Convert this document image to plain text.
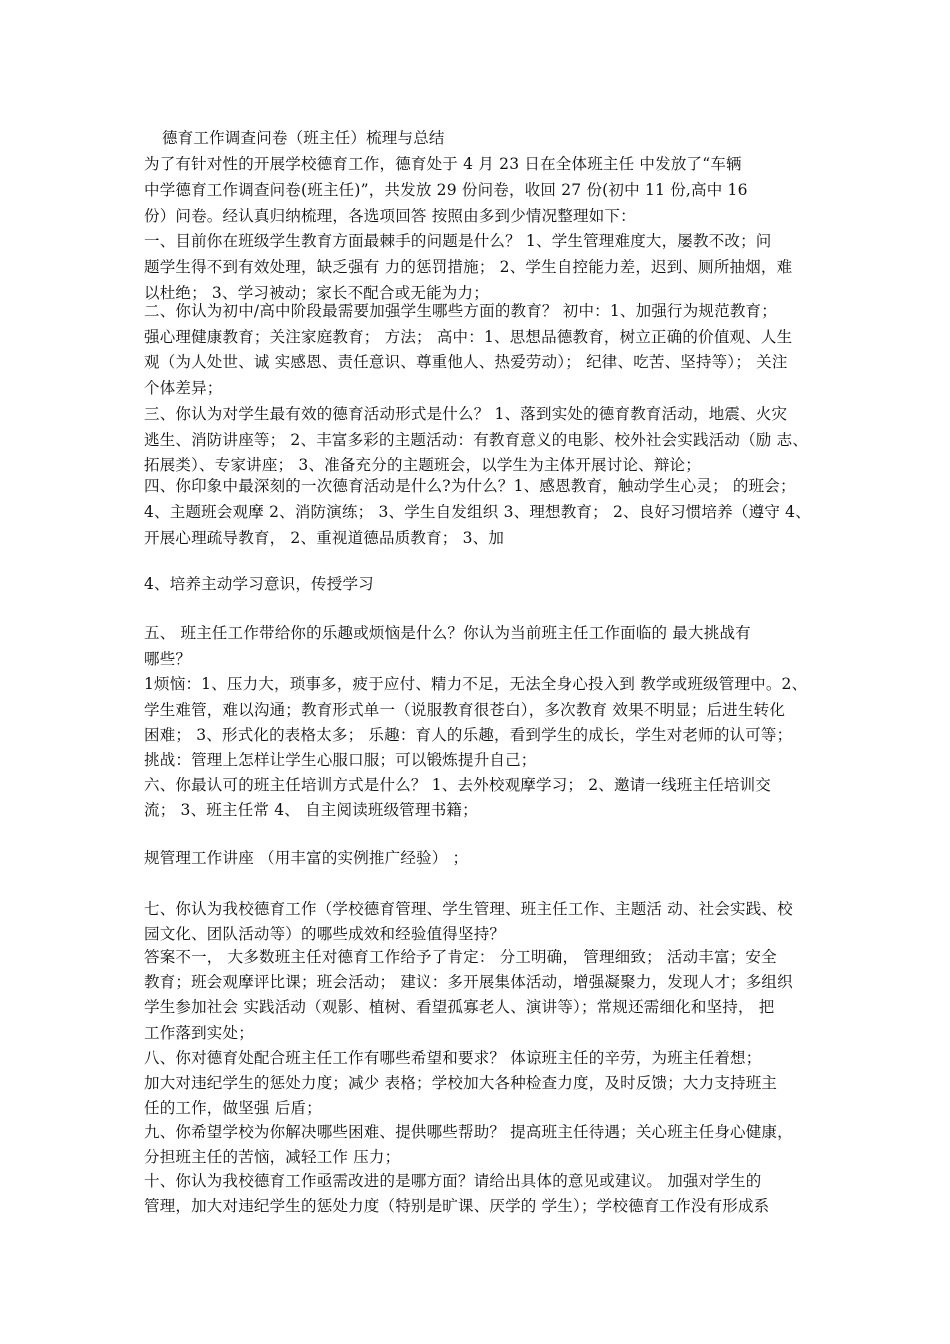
德育工作调查问卷（班主任）梳理与总结
为了有针对性的开展学校德育工作，德育处于 4 月 23 日在全体班主任 中发放了“车辆
中学德育工作调查问卷(班主任)”，共发放 29 份问卷，收回 27 份(初中 11 份,高中 16
份）问卷。经认真归纳梳理，各选项回答 按照由多到少情况整理如下：
一、目前你在班级学生教育方面最棘手的问题是什么？ 1、学生管理难度大，屡教不改；问
题学生得不到有效处理，缺乏强有 力的惩罚措施； 2、学生自控能力差，迟到、厕所抽烟，难
以杜绝； 3、学习被动；家长不配合或无能为力；
二、你认为初中/高中阶段最需要加强学生哪些方面的教育？ 初中：1、加强行为规范教育；
强心理健康教育；关注家庭教育； 方法； 高中：1、思想品德教育，树立正确的价值观、人生
观（为人处世、诚 实感恩、责任意识、尊重他人、热爱劳动）； 纪律、吃苦、坚持等）； 关注
个体差异；
三、你认为对学生最有效的德育活动形式是什么？ 1、落到实处的德育教育活动，地震、火灾
逃生、消防讲座等； 2、丰富多彩的主题活动：有教育意义的电影、校外社会实践活动（励 志、
拓展类）、专家讲座； 3、准备充分的主题班会，以学生为主体开展讨论、辩论；
四、你印象中最深刻的一次德育活动是什么?为什么？1、感恩教育，触动学生心灵； 的班会；
4、主题班会观摩 2、消防演练； 3、学生自发组织 3、理想教育； 2、良好习惯培养（遵守 4、
开展心理疏导教育， 2、重视道德品质教育； 3、加
4、培养主动学习意识，传授学习
五、 班主任工作带给你的乐趣或烦恼是什么？你认为当前班主任工作面临的 最大挑战有
哪些？
1烦恼：1、压力大，琐事多，疲于应付、精力不足，无法全身心投入到 教学或班级管理中。2、
学生难管，难以沟通；教育形式单一（说服教育很苍白），多次教育 效果不明显；后进生转化
困难； 3、形式化的表格太多； 乐趣：育人的乐趣，看到学生的成长，学生对老师的认可等；
挑战：管理上怎样让学生心服口服；可以锻炼提升自己；
六、你最认可的班主任培训方式是什么？ 1、去外校观摩学习； 2、邀请一线班主任培训交
流； 3、班主任常 4、 自主阅读班级管理书籍；
规管理工作讲座 （用丰富的实例推广经验） ；
七、你认为我校德育工作（学校德育管理、学生管理、班主任工作、主题活 动、社会实践、校
园文化、团队活动等）的哪些成效和经验值得坚持？
答案不一， 大多数班主任对德育工作给予了肯定： 分工明确， 管理细致； 活动丰富；安全
教育；班会观摩评比课；班会活动； 建议：多开展集体活动，增强凝聚力，发现人才；多组织
学生参加社会 实践活动（观影、植树、看望孤寡老人、演讲等）；常规还需细化和坚持， 把
工作落到实处；
八、你对德育处配合班主任工作有哪些希望和要求？ 体谅班主任的辛劳，为班主任着想；
加大对违纪学生的惩处力度；减少 表格；学校加大各种检查力度，及时反馈；大力支持班主
任的工作，做坚强 后盾；
九、你希望学校为你解决哪些困难、提供哪些帮助？ 提高班主任待遇；关心班主任身心健康，
分担班主任的苦恼，减轻工作 压力；
十、你认为我校德育工作亟需改进的是哪方面？请给出具体的意见或建议。 加强对学生的
管理，加大对违纪学生的惩处力度（特别是旷课、厌学的 学生）；学校德育工作没有形成系
